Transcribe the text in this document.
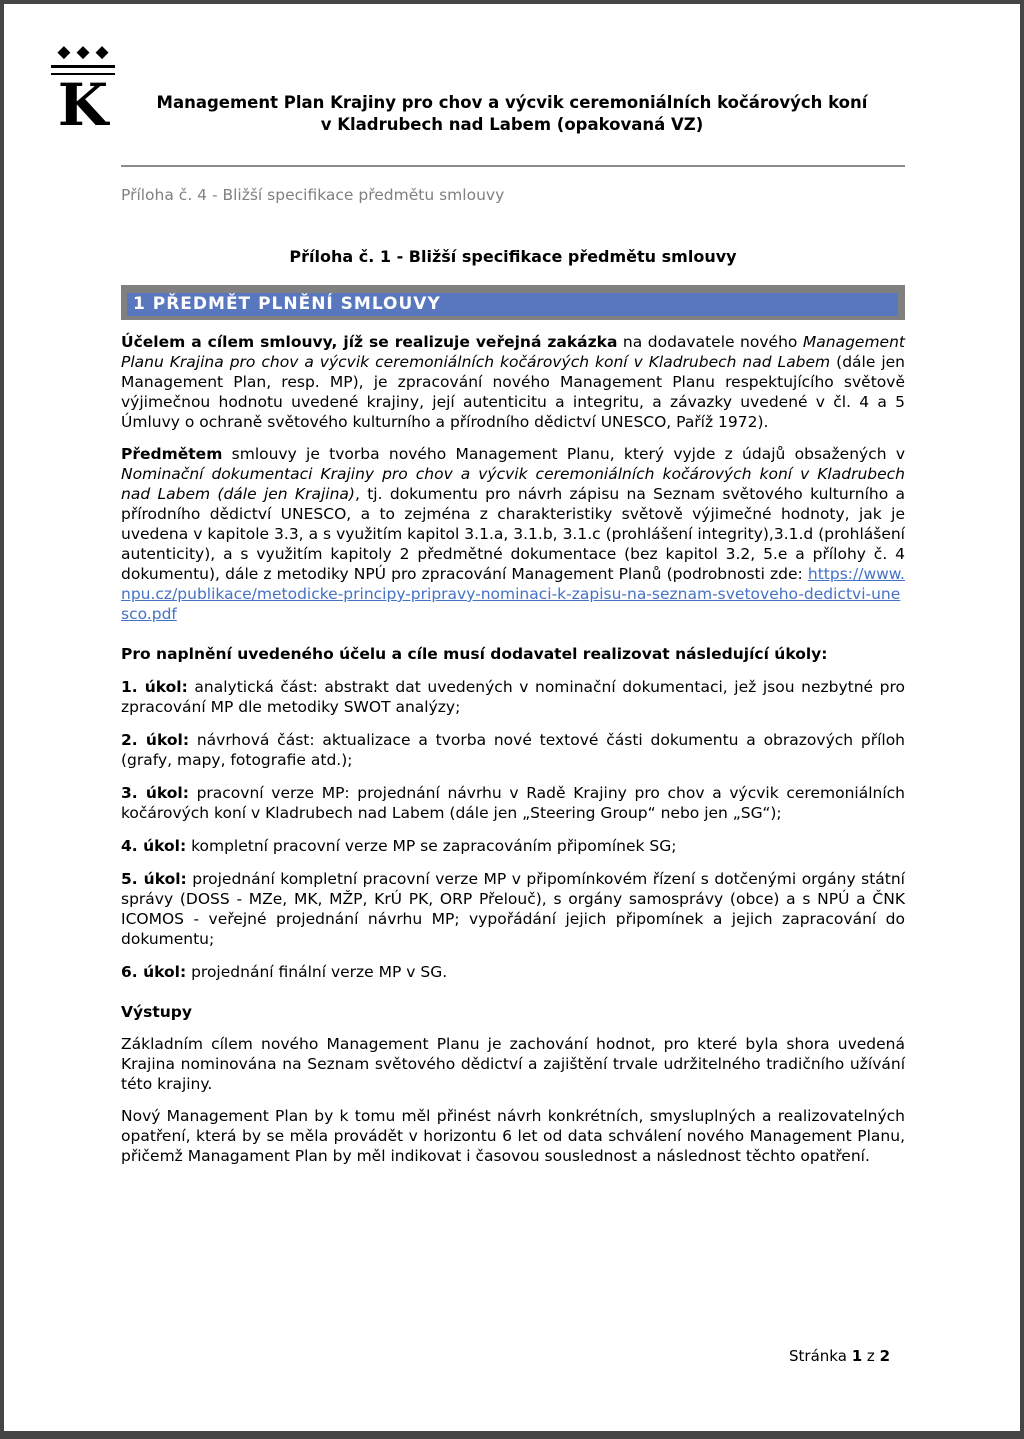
◆◆◆
K	Management Plan Krajiny pro chov a výcvik ceremoniálních kočárových koní
v Kladrubech nad Labem (opakovaná VZ)
Příloha č. 4 - Bližší specifikace předmětu smlouvy
Příloha č. 1 - Bližší specifikace předmětu smlouvy
1 PŘEDMĚT PLNĚNÍ SMLOUVY

Účelem a cílem smlouvy, jíž se realizuje veřejná zakázka na dodavatele nového Management Planu Krajina pro chov a výcvik ceremoniálních kočárových koní v Kladrubech nad Labem (dále jen Management Plan, resp. MP), je zpracování nového Management Planu respektujícího světově výjimečnou hodnotu uvedené krajiny, její autenticitu a integritu, a závazky uvedené v čl. 4 a 5 Úmluvy o ochraně světového kulturního a přírodního dědictví UNESCO, Paříž 1972).

Předmětem smlouvy je tvorba nového Management Planu, který vyjde z údajů obsažených v Nominační dokumentaci Krajiny pro chov a výcvik ceremoniálních kočárových koní v Kladrubech nad Labem (dále jen Krajina), tj. dokumentu pro návrh zápisu na Seznam světového kulturního a přírodního dědictví UNESCO, a to zejména z charakteristiky světově výjimečné hodnoty, jak je uvedena v kapitole 3.3, a s využitím kapitol 3.1.a, 3.1.b, 3.1.c (prohlášení integrity),3.1.d (prohlášení autenticity), a s využitím kapitoly 2 předmětné dokumentace (bez kapitol 3.2, 5.e a přílohy č. 4 dokumentu), dále z metodiky NPÚ pro zpracování Management Planů (podrobnosti zde: https://www.npu.cz/publikace/metodicke-principy-pripravy-nominaci-k-zapisu-na-seznam-svetoveho-dedictvi-unesco.pdf

Pro naplnění uvedeného účelu a cíle musí dodavatel realizovat následující úkoly:

1. úkol: analytická část: abstrakt dat uvedených v nominační dokumentaci, jež jsou nezbytné pro zpracování MP dle metodiky SWOT analýzy;

2. úkol: návrhová část: aktualizace a tvorba nové textové části dokumentu a obrazových příloh (grafy, mapy, fotografie atd.);

3. úkol: pracovní verze MP: projednání návrhu v Radě Krajiny pro chov a výcvik ceremoniálních kočárových koní v Kladrubech nad Labem (dále jen „Steering Group“ nebo jen „SG“);

4. úkol: kompletní pracovní verze MP se zapracováním připomínek SG;

5. úkol: projednání kompletní pracovní verze MP v připomínkovém řízení s dotčenými orgány státní správy (DOSS - MZe, MK, MŽP, KrÚ PK, ORP Přelouč), s orgány samosprávy (obce) a s NPÚ a ČNK ICOMOS - veřejné projednání návrhu MP; vypořádání jejich připomínek a jejich zapracování do dokumentu;

6. úkol: projednání finální verze MP v SG.

Výstupy

Základním cílem nového Management Planu je zachování hodnot, pro které byla shora uvedená Krajina nominována na Seznam světového dědictví a zajištění trvale udržitelného tradičního užívání této krajiny.

Nový Management Plan by k tomu měl přinést návrh konkrétních, smysluplných a realizovatelných opatření, která by se měla provádět v horizontu 6 let od data schválení nového Management Planu, přičemž Managament Plan by měl indikovat i časovou souslednost a následnost těchto opatření.

Stránka 1 z 2
